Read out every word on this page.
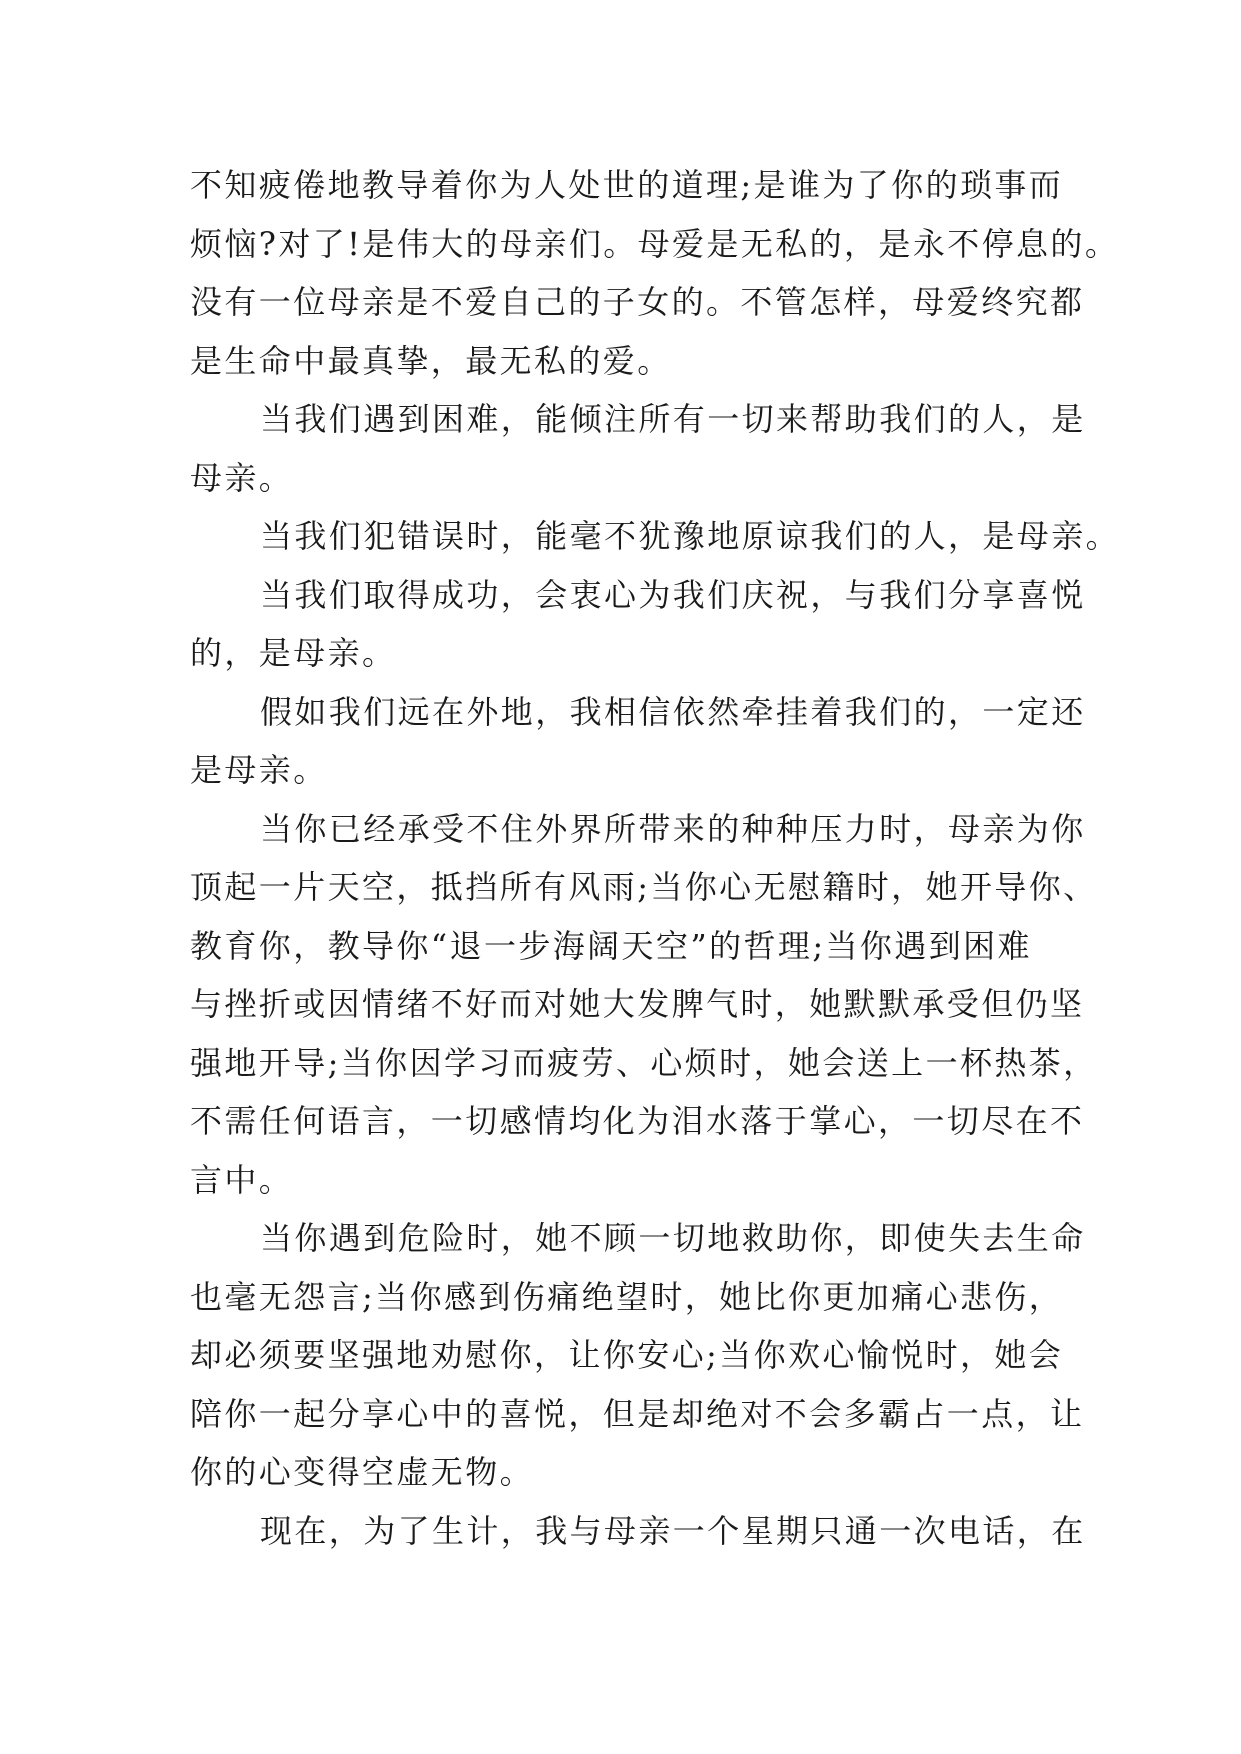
不知疲倦地教导着你为人处世的道理;是谁为了你的琐事而
烦恼?对了!是伟大的母亲们。母爱是无私的，是永不停息的。
没有一位母亲是不爱自己的子女的。不管怎样，母爱终究都
是生命中最真挚，最无私的爱。
当我们遇到困难，能倾注所有一切来帮助我们的人，是
母亲。
当我们犯错误时，能毫不犹豫地原谅我们的人，是母亲。
当我们取得成功，会衷心为我们庆祝，与我们分享喜悦
的，是母亲。
假如我们远在外地，我相信依然牵挂着我们的，一定还
是母亲。
当你已经承受不住外界所带来的种种压力时，母亲为你
顶起一片天空，抵挡所有风雨;当你心无慰籍时，她开导你、
教育你，教导你“退一步海阔天空”的哲理;当你遇到困难
与挫折或因情绪不好而对她大发脾气时，她默默承受但仍坚
强地开导;当你因学习而疲劳、心烦时，她会送上一杯热茶，
不需任何语言，一切感情均化为泪水落于掌心，一切尽在不
言中。
当你遇到危险时，她不顾一切地救助你，即使失去生命
也毫无怨言;当你感到伤痛绝望时，她比你更加痛心悲伤，
却必须要坚强地劝慰你，让你安心;当你欢心愉悦时，她会
陪你一起分享心中的喜悦，但是却绝对不会多霸占一点，让
你的心变得空虚无物。
现在，为了生计，我与母亲一个星期只通一次电话，在
